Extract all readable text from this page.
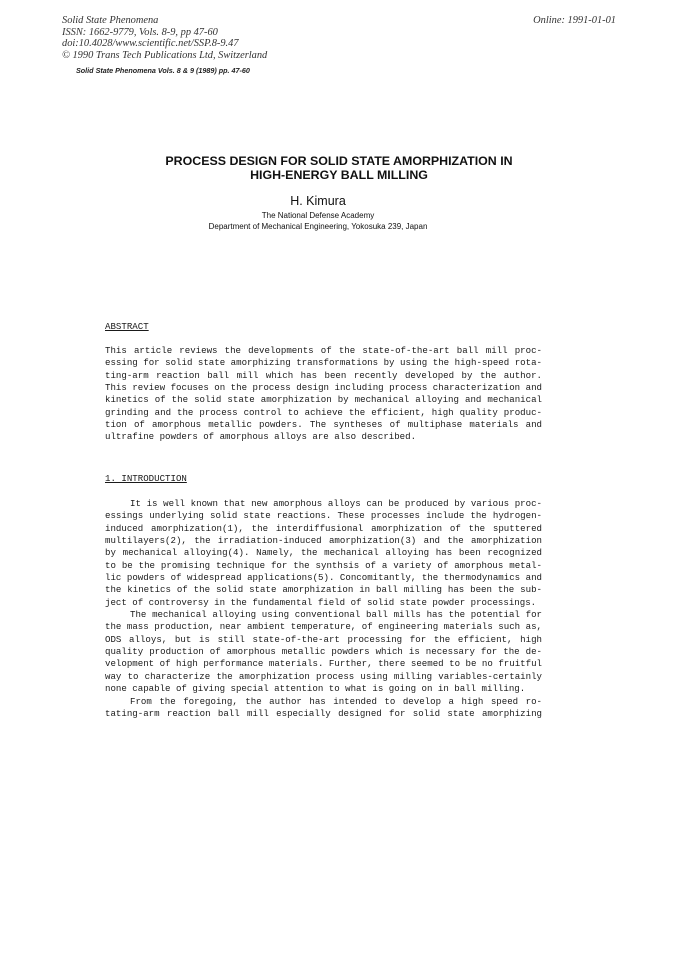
Solid State Phenomena
ISSN: 1662-9779, Vols. 8-9, pp 47-60
doi:10.4028/www.scientific.net/SSP.8-9.47
© 1990 Trans Tech Publications Ltd, Switzerland
Online: 1991-01-01
Solid State Phenomena Vols. 8 & 9 (1989) pp. 47-60
PROCESS DESIGN FOR SOLID STATE AMORPHIZATION IN
HIGH-ENERGY BALL MILLING
H. Kimura
The National Defense Academy
Department of Mechanical Engineering, Yokosuka 239, Japan
ABSTRACT
This article reviews the developments of the state-of-the-art ball mill proc-
essing for solid state amorphizing transformations by using the high-speed rota-
ting-arm reaction ball mill which has been recently developed by the author.
This review focuses on the process design including process characterization and
kinetics of the solid state amorphization by mechanical alloying and mechanical
grinding and the process control to achieve the efficient, high quality produc-
tion of amorphous metallic powders. The syntheses of multiphase materials and
ultrafine powders of amorphous alloys are also described.
1. INTRODUCTION
It is well known that new amorphous alloys can be produced by various proc-
essings underlying solid state reactions. These processes include the hydrogen-
induced amorphization(1), the interdiffusional amorphization of the sputtered
multilayers(2), the irradiation-induced amorphization(3) and the amorphization
by mechanical alloying(4). Namely, the mechanical alloying has been recognized
to be the promising technique for the synthsis of a variety of amorphous metal-
lic powders of widespread applications(5). Concomitantly, the thermodynamics and
the kinetics of the solid state amorphization in ball milling has been the sub-
ject of controversy in the fundamental field of solid state powder processings.
The mechanical alloying using conventional ball mills has the potential for
the mass production, near ambient temperature, of engineering materials such as,
ODS alloys, but is still state-of-the-art processing for the efficient, high
quality production of amorphous metallic powders which is necessary for the de-
velopment of high performance materials. Further, there seemed to be no fruitful
way to characterize the amorphization process using milling variables-certainly
none capable of giving special attention to what is going on in ball milling.
From the foregoing, the author has intended to develop a high speed ro-
tating-arm reaction ball mill especially designed for solid state amorphizing
